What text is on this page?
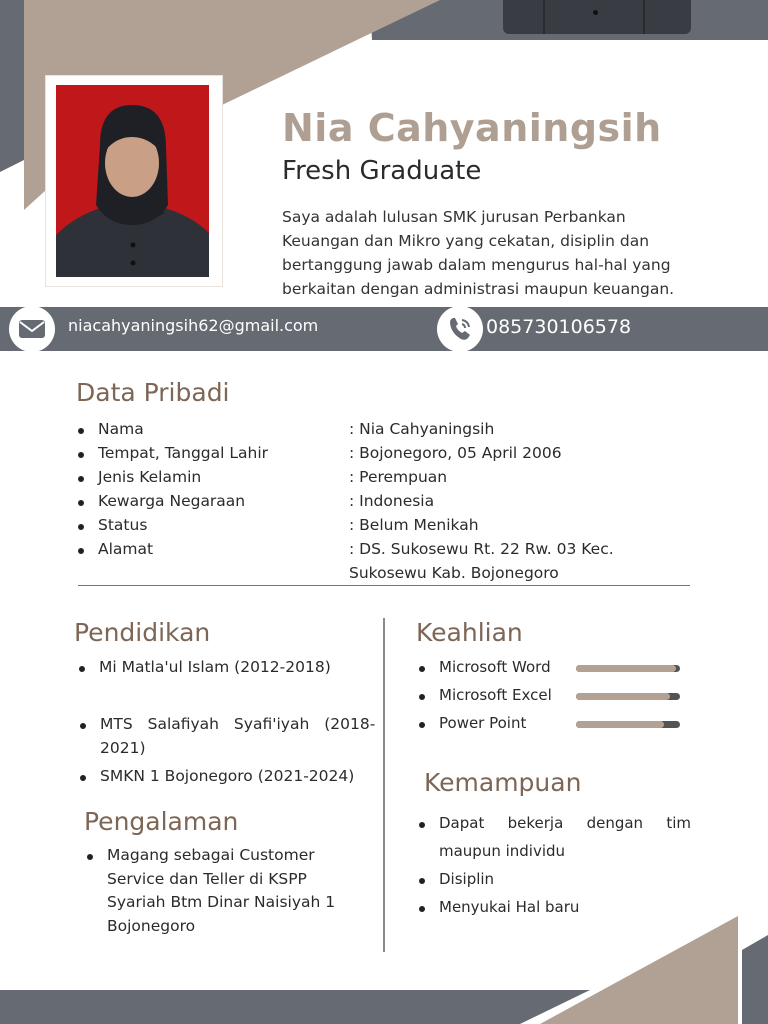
Nia Cahyaningsih
Fresh Graduate
Saya adalah lulusan SMK jurusan Perbankan Keuangan dan Mikro yang cekatan, disiplin dan bertanggung jawab dalam mengurus hal-hal yang berkaitan dengan administrasi maupun keuangan.
niacahyaningsih62@gmail.com	085730106578
Data Pribadi
Nama	: Nia Cahyaningsih
Tempat, Tanggal Lahir	: Bojonegoro, 05 April 2006
Jenis Kelamin	: Perempuan
Kewarga Negaraan	: Indonesia
Status	: Belum Menikah
Alamat	: DS. Sukosewu Rt. 22 Rw. 03 Kec.
Sukosewu Kab. Bojonegoro
Pendidikan
Mi Matla'ul Islam (2012-2018)
MTS Salafiyah Syafi'iyah (2018-
2021)
SMKN 1 Bojonegoro (2021-2024)
Pengalaman
Magang sebagai Customer
Service dan Teller di KSPP
Syariah Btm Dinar Naisiyah 1
Bojonegoro
Keahlian
Microsoft Word
Microsoft Excel
Power Point
Kemampuan
Dapat bekerja dengan tim
maupun individu
Disiplin
Menyukai Hal baru
